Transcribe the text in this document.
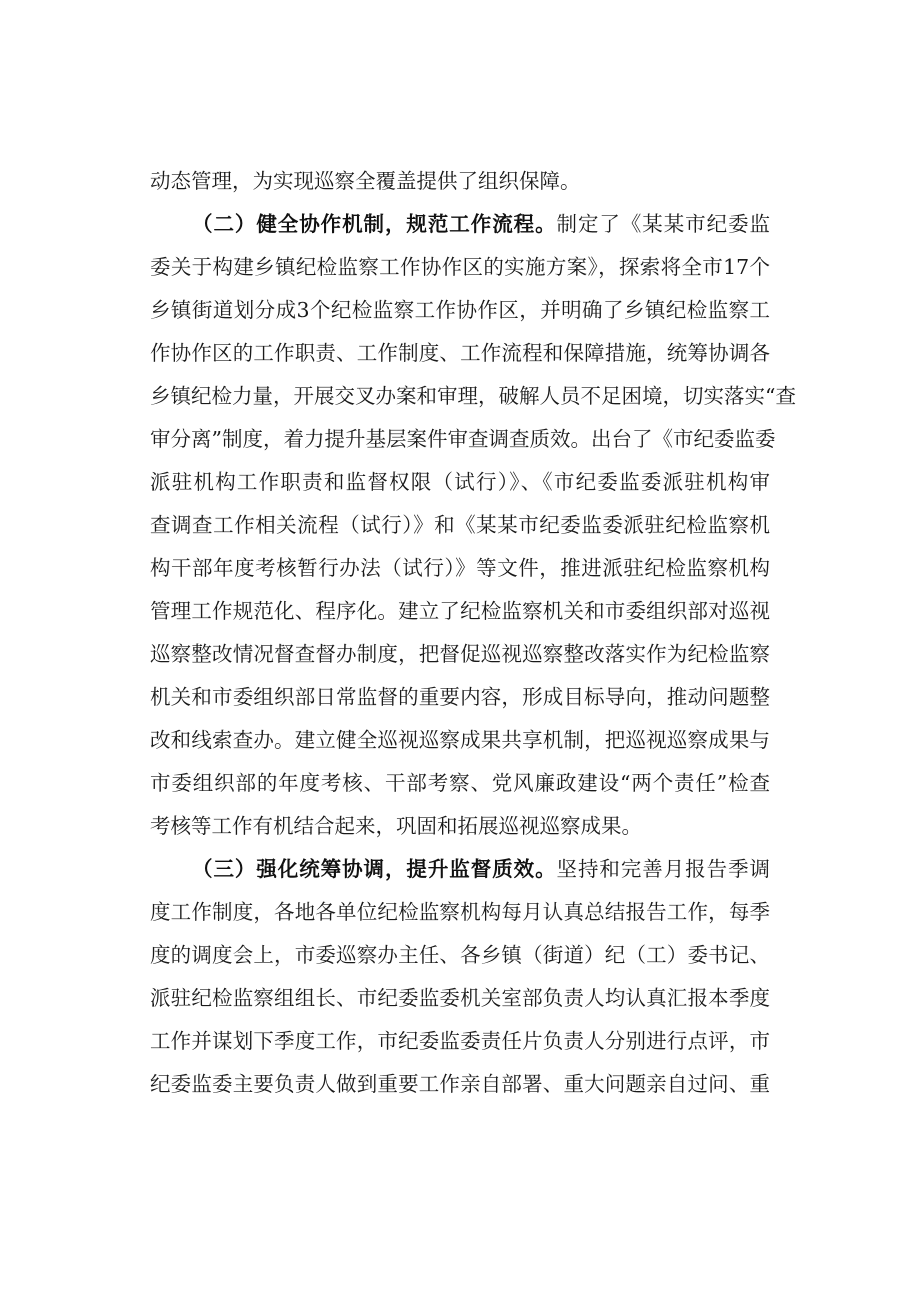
动态管理，为实现巡察全覆盖提供了组织保障。
（二）健全协作机制，规范工作流程。制定了《某某市纪委监
委关于构建乡镇纪检监察工作协作区的实施方案》，探索将全市17个
乡镇街道划分成3个纪检监察工作协作区，并明确了乡镇纪检监察工
作协作区的工作职责、工作制度、工作流程和保障措施，统筹协调各
乡镇纪检力量，开展交叉办案和审理，破解人员不足困境，切实落实“查
审分离”制度，着力提升基层案件审查调查质效。出台了《市纪委监委
派驻机构工作职责和监督权限（试行）》、《市纪委监委派驻机构审
查调查工作相关流程（试行）》和《某某市纪委监委派驻纪检监察机
构干部年度考核暂行办法（试行）》等文件，推进派驻纪检监察机构
管理工作规范化、程序化。建立了纪检监察机关和市委组织部对巡视
巡察整改情况督查督办制度，把督促巡视巡察整改落实作为纪检监察
机关和市委组织部日常监督的重要内容，形成目标导向，推动问题整
改和线索查办。建立健全巡视巡察成果共享机制，把巡视巡察成果与
市委组织部的年度考核、干部考察、党风廉政建设“两个责任”检查
考核等工作有机结合起来，巩固和拓展巡视巡察成果。
（三）强化统筹协调，提升监督质效。坚持和完善月报告季调
度工作制度，各地各单位纪检监察机构每月认真总结报告工作，每季
度的调度会上，市委巡察办主任、各乡镇（街道）纪（工）委书记、
派驻纪检监察组组长、市纪委监委机关室部负责人均认真汇报本季度
工作并谋划下季度工作，市纪委监委责任片负责人分别进行点评，市
纪委监委主要负责人做到重要工作亲自部署、重大问题亲自过问、重
